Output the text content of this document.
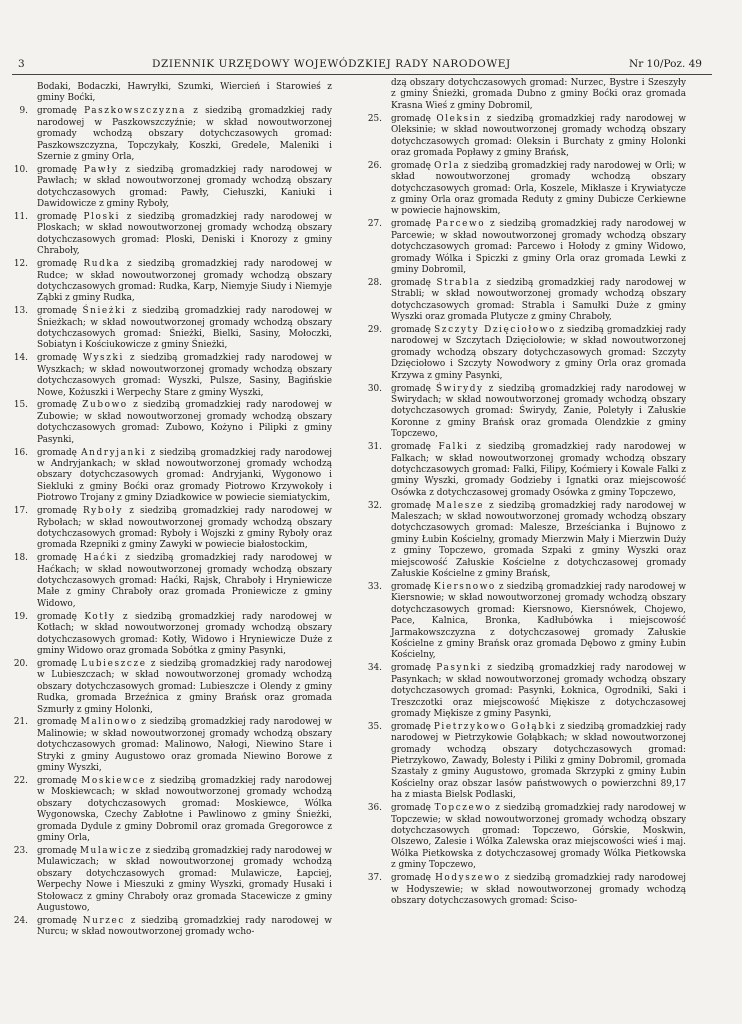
3	DZIENNIK URZĘDOWY WOJEWÓDZKIEJ RADY NARODOWEJ	Nr 10/Poz. 49

Bodaki, Bodaczki, Hawryłki, Szumki, Wiercień i Starowieś z gminy Boćki,

9. gromadę Paszkowszczyzna z siedzibą gromadzkiej rady narodowej w Paszkowszczyźnie; w skład nowoutworzonej gromady wchodzą obszary dotychczasowych gromad: Paszkowszczyzna, Topczykały, Koszki, Gredele, Maleniki i Szernie z gminy Orla,

10. gromadę Pawły z siedzibą gromadzkiej rady narodowej w Pawłach; w skład nowoutworzonej gromady wchodzą obszary dotychczasowych gromad: Pawły, Ciełuszki, Kaniuki i Dawidowicze z gminy Ryboły,

11. gromadę Ploski z siedzibą gromadzkiej rady narodowej w Ploskach; w skład nowoutworzonej gromady wchodzą obszary dotychczasowych gromad: Ploski, Deniski i Knorozy z gminy Chraboły,

12. gromadę Rudka z siedzibą gromadzkiej rady narodowej w Rudce; w skład nowoutworzonej gromady wchodzą obszary dotychczasowych gromad: Rudka, Karp, Niemyje Siudy i Niemyje Ząbki z gminy Rudka,

13. gromadę Śnieżki z siedzibą gromadzkiej rady narodowej w Śnieżkach; w skład nowoutworzonej gromady wchodzą obszary dotychczasowych gromad: Śnieżki, Bielki, Sasiny, Mołoczki, Sobiatyn i Kościukowicze z gminy Śnieżki,

14. gromadę Wyszki z siedzibą gromadzkiej rady narodowej w Wyszkach; w skład nowoutworzonej gromady wchodzą obszary dotychczasowych gromad: Wyszki, Pulsze, Sasiny, Bagińskie Nowe, Kożuszki i Werpechy Stare z gminy Wyszki,

15. gromadę Zubowo z siedzibą gromadzkiej rady narodowej w Zubowie; w skład nowoutworzonej gromady wchodzą obszary dotychczasowych gromad: Zubowo, Kożyno i Pilipki z gminy Pasynki,

16. gromadę Andryjanki z siedzibą gromadzkiej rady narodowej w Andryjankach; w skład nowoutworzonej gromady wchodzą obszary dotychczasowych gromad: Andryjanki, Wygonowo i Siekluki z gminy Boćki oraz gromady Piotrowo Krzywokoły i Piotrowo Trojany z gminy Dziadkowice w powiecie siemiatyckim,

17. gromadę Ryboły z siedzibą gromadzkiej rady narodowej w Rybołach; w skład nowoutworzonej gromady wchodzą obszary dotychczasowych gromad: Ryboły i Wojszki z gminy Ryboły oraz gromada Rzepniki z gminy Zawyki w powiecie białostockim,

18. gromadę Haćki z siedzibą gromadzkiej rady narodowej w Haćkach; w skład nowoutworzonej gromady wchodzą obszary dotychczasowych gromad: Haćki, Rajsk, Chraboły i Hryniewicze Małe z gminy Chraboły oraz gromada Proniewicze z gminy Widowo,

19. gromadę Kotły z siedzibą gromadzkiej rady narodowej w Kotłach; w skład nowoutworzonej gromady wchodzą obszary dotychczasowych gromad: Kotły, Widowo i Hryniewicze Duże z gminy Widowo oraz gromada Sobótka z gminy Pasynki,

20. gromadę Lubieszcze z siedzibą gromadzkiej rady narodowej w Lubieszczach; w skład nowoutworzonej gromady wchodzą obszary dotychczasowych gromad: Lubieszcze i Olendy z gminy Rudka, gromada Brzeźnica z gminy Brańsk oraz gromada Szmurły z gminy Holonki,

21. gromadę Malinowo z siedzibą gromadzkiej rady narodowej w Malinowie; w skład nowoutworzonej gromady wchodzą obszary dotychczasowych gromad: Malinowo, Nałogi, Niewino Stare i Stryki z gminy Augustowo oraz gromada Niewino Borowe z gminy Wyszki,

22. gromadę Moskiewce z siedzibą gromadzkiej rady narodowej w Moskiewcach; w skład nowoutworzonej gromady wchodzą obszary dotychczasowych gromad: Moskiewce, Wólka Wygonowska, Czechy Zabłotne i Pawlinowo z gminy Śnieżki, gromada Dydule z gminy Dobromil oraz gromada Gregorowce z gminy Orla,

23. gromadę Mulawicze z siedzibą gromadzkiej rady narodowej w Mulawiczach; w skład nowoutworzonej gromady wchodzą obszary dotychczasowych gromad: Mulawicze, Łapciej, Werpechy Nowe i Mieszuki z gminy Wyszki, gromady Husaki i Stołowacz z gminy Chraboły oraz gromada Stacewicze z gminy Augustowo,

24. gromadę Nurzec z siedzibą gromadzkiej rady narodowej w Nurcu; w skład nowoutworzonej gromady wcho-

dzą obszary dotychczasowych gromad: Nurzec, Bystre i Szeszyły z gminy Śnieżki, gromada Dubno z gminy Boćki oraz gromada Krasna Wieś z gminy Dobromil,

25. gromadę Oleksin z siedzibą gromadzkiej rady narodowej w Oleksinie; w skład nowoutworzonej gromady wchodzą obszary dotychczasowych gromad: Oleksin i Burchaty z gminy Holonki oraz gromada Popławy z gminy Brańsk,

26. gromadę Orla z siedzibą gromadzkiej rady narodowej w Orli; w skład nowoutworzonej gromady wchodzą obszary dotychczasowych gromad: Orla, Koszele, Mikłasze i Krywiatycze z gminy Orla oraz gromada Reduty z gminy Dubicze Cerkiewne w powiecie hajnowskim,

27. gromadę Parcewo z siedzibą gromadzkiej rady narodowej w Parcewie; w skład nowoutworzonej gromady wchodzą obszary dotychczasowych gromad: Parcewo i Hołody z gminy Widowo, gromady Wólka i Spiczki z gminy Orla oraz gromada Lewki z gminy Dobromil,

28. gromadę Strabla z siedzibą gromadzkiej rady narodowej w Strabli; w skład nowoutworzonej gromady wchodzą obszary dotychczasowych gromad: Strabla i Samułki Duże z gminy Wyszki oraz gromada Plutycze z gminy Chraboły,

29. gromadę Szczyty Dzięciołowo z siedzibą gromadzkiej rady narodowej w Szczytach Dzięciołowie; w skład nowoutworzonej gromady wchodzą obszary dotychczasowych gromad: Szczyty Dzięciołowo i Szczyty Nowodwory z gminy Orla oraz gromada Krzywa z gminy Pasynki,

30. gromadę Świrydy z siedzibą gromadzkiej rady narodowej w Świrydach; w skład nowoutworzonej gromady wchodzą obszary dotychczasowych gromad: Świrydy, Zanie, Poletyły i Załuskie Koronne z gminy Brańsk oraz gromada Olendzkie z gminy Topczewo,

31. gromadę Falki z siedzibą gromadzkiej rady narodowej w Falkach; w skład nowoutworzonej gromady wchodzą obszary dotychczasowych gromad: Falki, Filipy, Koćmiery i Kowale Falki z gminy Wyszki, gromady Godzieby i Ignatki oraz miejscowość Osówka z dotychczasowej gromady Osówka z gminy Topczewo,

32. gromadę Malesze z siedzibą gromadzkiej rady narodowej w Maleszach; w skład nowoutworzonej gromady wchodzą obszary dotychczasowych gromad: Malesze, Brześcianka i Bujnowo z gminy Łubin Kościelny, gromady Mierzwin Mały i Mierzwin Duży z gminy Topczewo, gromada Szpaki z gminy Wyszki oraz miejscowość Załuskie Kościelne z dotychczasowej gromady Załuskie Kościelne z gminy Brańsk,

33. gromadę Kiersnowo z siedzibą gromadzkiej rady narodowej w Kiersnowie; w skład nowoutworzonej gromady wchodzą obszary dotychczasowych gromad: Kiersnowo, Kiersnówek, Chojewo, Pace, Kalnica, Bronka, Kadłubówka i miejscowość Jarmakowszczyzna z dotychczasowej gromady Załuskie Kościelne z gminy Brańsk oraz gromada Dębowo z gminy Łubin Kościelny,

34. gromadę Pasynki z siedzibą gromadzkiej rady narodowej w Pasynkach; w skład nowoutworzonej gromady wchodzą obszary dotychczasowych gromad: Pasynki, Łoknica, Ogrodniki, Saki i Treszczotki oraz miejscowość Miękisze z dotychczasowej gromady Miękisze z gminy Pasynki,

35. gromadę Pietrzykowo Gołąbki z siedzibą gromadzkiej rady narodowej w Pietrzykowie Gołąbkach; w skład nowoutworzonej gromady wchodzą obszary dotychczasowych gromad: Pietrzykowo, Zawady, Bolesty i Piliki z gminy Dobromil, gromada Szastały z gminy Augustowo, gromada Skrzypki z gminy Łubin Kościelny oraz obszar lasów państwowych o powierzchni 89,17 ha z miasta Bielsk Podlaski,

36. gromadę Topczewo z siedzibą gromadzkiej rady narodowej w Topczewie; w skład nowoutworzonej gromady wchodzą obszary dotychczasowych gromad: Topczewo, Górskie, Moskwin, Olszewo, Zalesie i Wólka Zalewska oraz miejscowości wieś i maj. Wólka Pietkowska z dotychczasowej gromady Wólka Pietkowska z gminy Topczewo,

37. gromadę Hodyszewo z siedzibą gromadzkiej rady narodowej w Hodyszewie; w skład nowoutworzonej gromady wchodzą obszary dotychczasowych gromad: Ściso-
